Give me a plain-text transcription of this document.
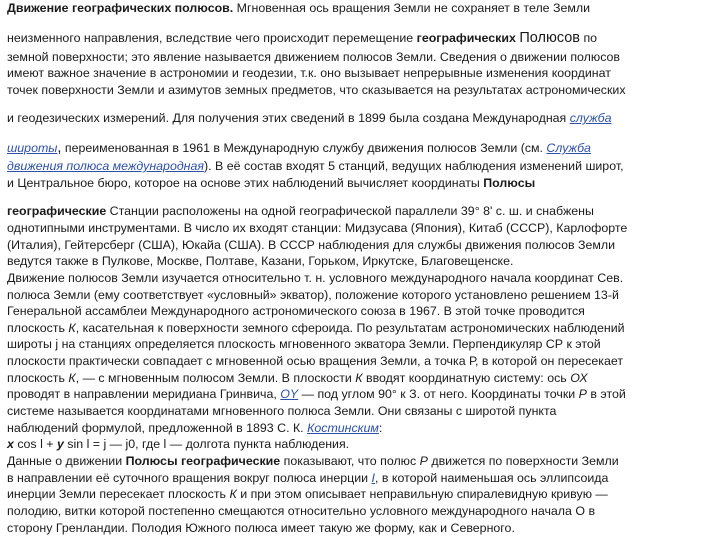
Движение географических полюсов. Мгновенная ось вращения Земли не сохраняет в теле Земли
неизменного направления, вследствие чего происходит перемещение географических Полюсов по
земной поверхности; это явление называется движением полюсов Земли. Сведения о движении полюсов
имеют важное значение в астрономии и геодезии, т.к. оно вызывает непрерывные изменения координат
точек поверхности Земли и азимутов земных предметов, что сказывается на результатах астрономических
и геодезических измерений. Для получения этих сведений в 1899 была создана Международная служба
широты, переименованная в 1961 в Международную службу движения полюсов Земли (см. Служба
движения полюса международная). В её состав входят 5 станций, ведущих наблюдения изменений широт,
и Центральное бюро, которое на основе этих наблюдений вычисляет координаты Полюсы
географические Станции расположены на одной географической параллели 39° 8' с. ш. и снабжены
однотипными инструментами. В число их входят станции: Мидзусава (Япония), Китаб (СССР), Карлофорте
(Италия), Гейтерсберг (США), Юкайа (США). В СССР наблюдения для службы движения полюсов Земли
ведутся также в Пулкове, Москве, Полтаве, Казани, Горьком, Иркутске, Благовещенске.
Движение полюсов Земли изучается относительно т. н. условного международного начала координат Сев.
полюса Земли (ему соответствует «условный» экватор), положение которого установлено решением 13-й
Генеральной ассамблеи Международного астрономического союза в 1967. В этой точке проводится
плоскость К, касательная к поверхности земного сфероида. По результатам астрономических наблюдений
широты j на станциях определяется плоскость мгновенного экватора Земли. Перпендикуляр СР к этой
плоскости практически совпадает с мгновенной осью вращения Земли, а точка Р, в которой он пересекает
плоскость К, — с мгновенным полюсом Земли. В плоскости К вводят координатную систему: ось ОХ
проводят в направлении меридиана Гринвича, OY — под углом 90° к З. от него. Координаты точки Р в этой
системе называется координатами мгновенного полюса Земли. Они связаны с широтой пункта
наблюдений формулой, предложенной в 1893 С. К. Костинским:
х cos l + у sin l = j — j0, где l — долгота пункта наблюдения.
Данные о движении Полюсы географические показывают, что полюс Р движется по поверхности Земли
в направлении её суточного вращения вокруг полюса инерции I, в которой наименьшая ось эллипсоида
инерции Земли пересекает плоскость К и при этом описывает неправильную спиралевидную кривую —
полодию, витки которой постепенно смещаются относительно условного международного начала О в
сторону Гренландии. Полодия Южного полюса имеет такую же форму, как и Северного.
